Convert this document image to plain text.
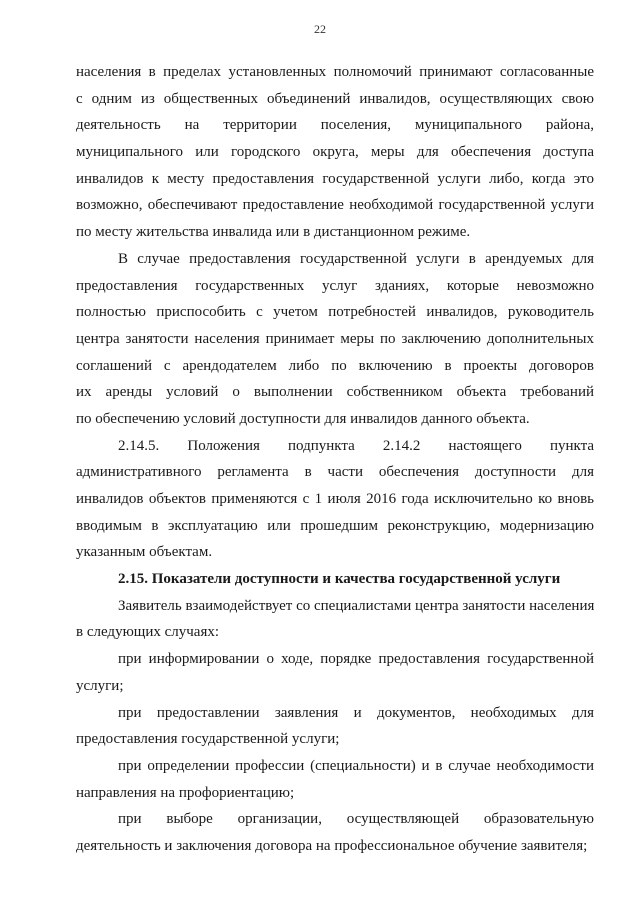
22
населения в пределах установленных полномочий принимают согласованные
с одним из общественных объединений инвалидов, осуществляющих свою
деятельность на территории поселения, муниципального района,
муниципального или городского округа, меры для обеспечения доступа
инвалидов к месту предоставления государственной услуги либо, когда это
возможно, обеспечивают предоставление необходимой государственной услуги
по месту жительства инвалида или в дистанционном режиме.
В случае предоставления государственной услуги в арендуемых для
предоставления государственных услуг зданиях, которые невозможно
полностью приспособить с учетом потребностей инвалидов, руководитель
центра занятости населения принимает меры по заключению дополнительных
соглашений с арендодателем либо по включению в проекты договоров
их аренды условий о выполнении собственником объекта требований
по обеспечению условий доступности для инвалидов данного объекта.
2.14.5. Положения подпункта 2.14.2 настоящего пункта
административного регламента в части обеспечения доступности для
инвалидов объектов применяются с 1 июля 2016 года исключительно ко вновь
вводимым в эксплуатацию или прошедшим реконструкцию, модернизацию
указанным объектам.
2.15. Показатели доступности и качества государственной услуги
Заявитель взаимодействует со специалистами центра занятости населения
в следующих случаях:
при информировании о ходе, порядке предоставления государственной
услуги;
при предоставлении заявления и документов, необходимых для
предоставления государственной услуги;
при определении профессии (специальности) и в случае необходимости
направления на профориентацию;
при выборе организации, осуществляющей образовательную
деятельность и заключения договора на профессиональное обучение заявителя;
